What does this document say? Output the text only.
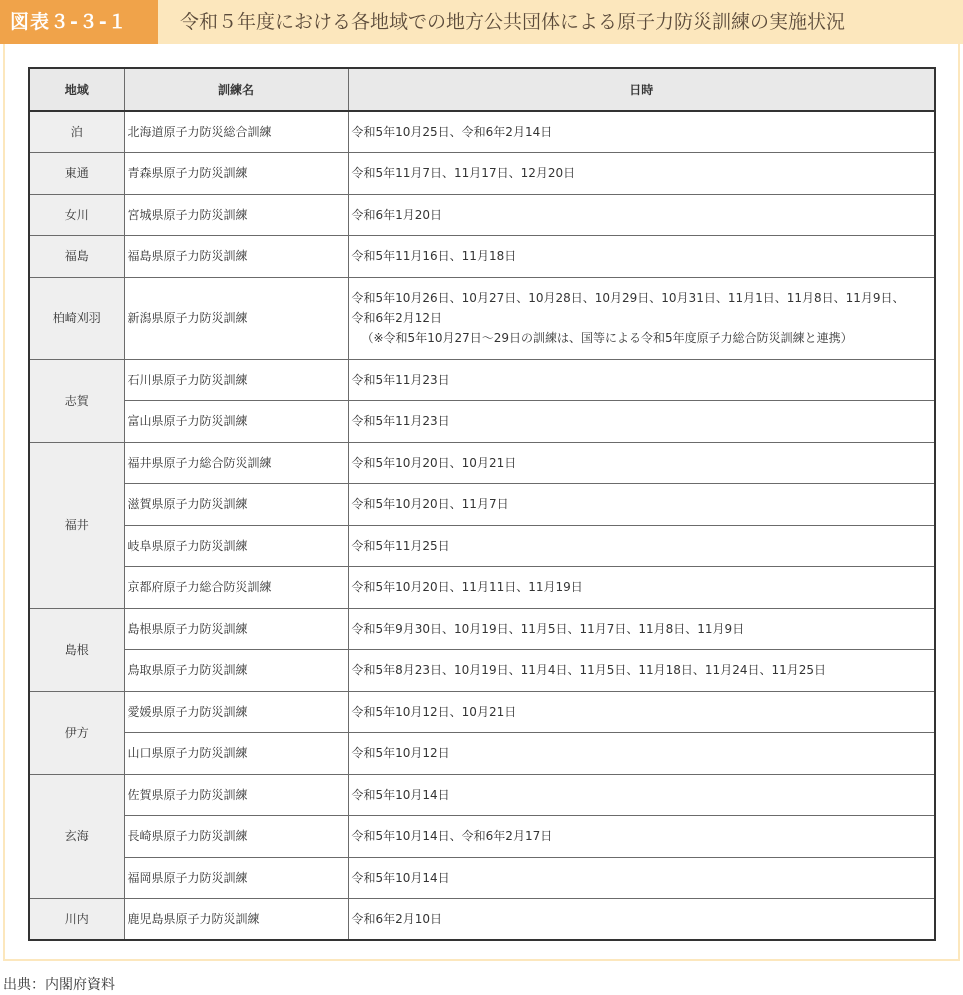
図表３-３-１	令和５年度における各地域での地方公共団体による原子力防災訓練の実施状況
地域	訓練名	日時
泊	北海道原子力防災総合訓練	令和5年10月25日、令和6年2月14日
東通	青森県原子力防災訓練	令和5年11月7日、11月17日、12月20日
女川	宮城県原子力防災訓練	令和6年1月20日
福島	福島県原子力防災訓練	令和5年11月16日、11月18日
柏崎刈羽	新潟県原子力防災訓練	令和5年10月26日、10月27日、10月28日、10月29日、10月31日、11月1日、11月8日、11月9日、
令和6年2月12日
（※令和5年10月27日～29日の訓練は、国等による令和5年度原子力総合防災訓練と連携）

志賀	石川県原子力防災訓練	令和5年11月23日
	富山県原子力防災訓練	令和5年11月23日
福井	福井県原子力総合防災訓練	令和5年10月20日、10月21日
	滋賀県原子力防災訓練	令和5年10月20日、11月7日
	岐阜県原子力防災訓練	令和5年11月25日
	京都府原子力総合防災訓練	令和5年10月20日、11月11日、11月19日
島根	島根県原子力防災訓練	令和5年9月30日、10月19日、11月5日、11月7日、11月8日、11月9日
	鳥取県原子力防災訓練	令和5年8月23日、10月19日、11月4日、11月5日、11月18日、11月24日、11月25日
伊方	愛媛県原子力防災訓練	令和5年10月12日、10月21日
	山口県原子力防災訓練	令和5年10月12日
玄海	佐賀県原子力防災訓練	令和5年10月14日
	長崎県原子力防災訓練	令和5年10月14日、令和6年2月17日
	福岡県原子力防災訓練	令和5年10月14日
川内	鹿児島県原子力防災訓練	令和6年2月10日
出典：内閣府資料
